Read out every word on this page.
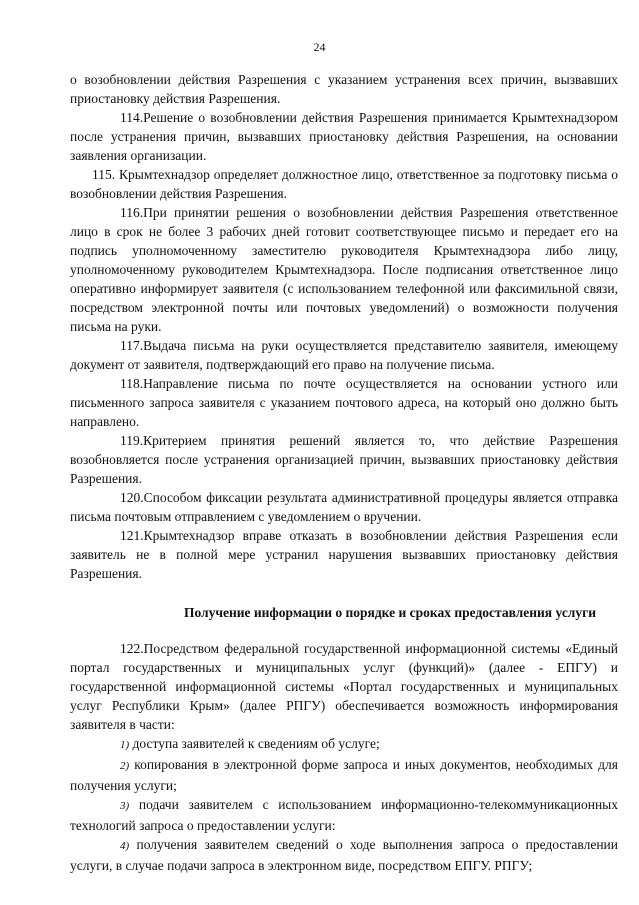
24

о возобновлении действия Разрешения с указанием устранения всех причин, вызвавших приостановку действия Разрешения.

114.Решение о возобновлении действия Разрешения принимается Крымтехнадзором после устранения причин, вызвавших приостановку действия Разрешения, на основании заявления организации.

115. Крымтехнадзор определяет должностное лицо, ответственное за подготовку письма о возобновлении действия Разрешения.

116.При принятии решения о возобновлении действия Разрешения ответственное лицо в срок не более 3 рабочих дней готовит соответствующее письмо и передает его на подпись уполномоченному заместителю руководителя Крымтехнадзора либо лицу, уполномоченному руководителем Крымтехнадзора. После подписания ответственное лицо оперативно информирует заявителя (с использованием телефонной или факсимильной связи, посредством электронной почты или почтовых уведомлений) о возможности получения письма на руки.

117.Выдача письма на руки осуществляется представителю заявителя, имеющему документ от заявителя, подтверждающий его право на получение письма.

118.Направление письма по почте осуществляется на основании устного или письменного запроса заявителя с указанием почтового адреса, на который оно должно быть направлено.

119.Критерием принятия решений является то, что действие Разрешения возобновляется после устранения организацией причин, вызвавших приостановку действия Разрешения.

120.Способом фиксации результата административной процедуры является отправка письма почтовым отправлением с уведомлением о вручении.

121.Крымтехнадзор вправе отказать в возобновлении действия Разрешения если заявитель не в полной мере устранил нарушения вызвавших приостановку действия Разрешения.

Получение информации о порядке и сроках предоставления услуги

122.Посредством федеральной государственной информационной системы «Единый портал государственных и муниципальных услуг (функций)» (далее - ЕПГУ) и государственной информационной системы «Портал государственных и муниципальных услуг Республики Крым» (далее РПГУ) обеспечивается возможность информирования заявителя в части:

1) доступа заявителей к сведениям об услуге;

2) копирования в электронной форме запроса и иных документов, необходимых для получения услуги;

3) подачи заявителем с использованием информационно-телекоммуникационных технологий запроса о предоставлении услуги:

4) получения заявителем сведений о ходе выполнения запроса о предоставлении услуги, в случае подачи запроса в электронном виде, посредством ЕПГУ. РПГУ;
